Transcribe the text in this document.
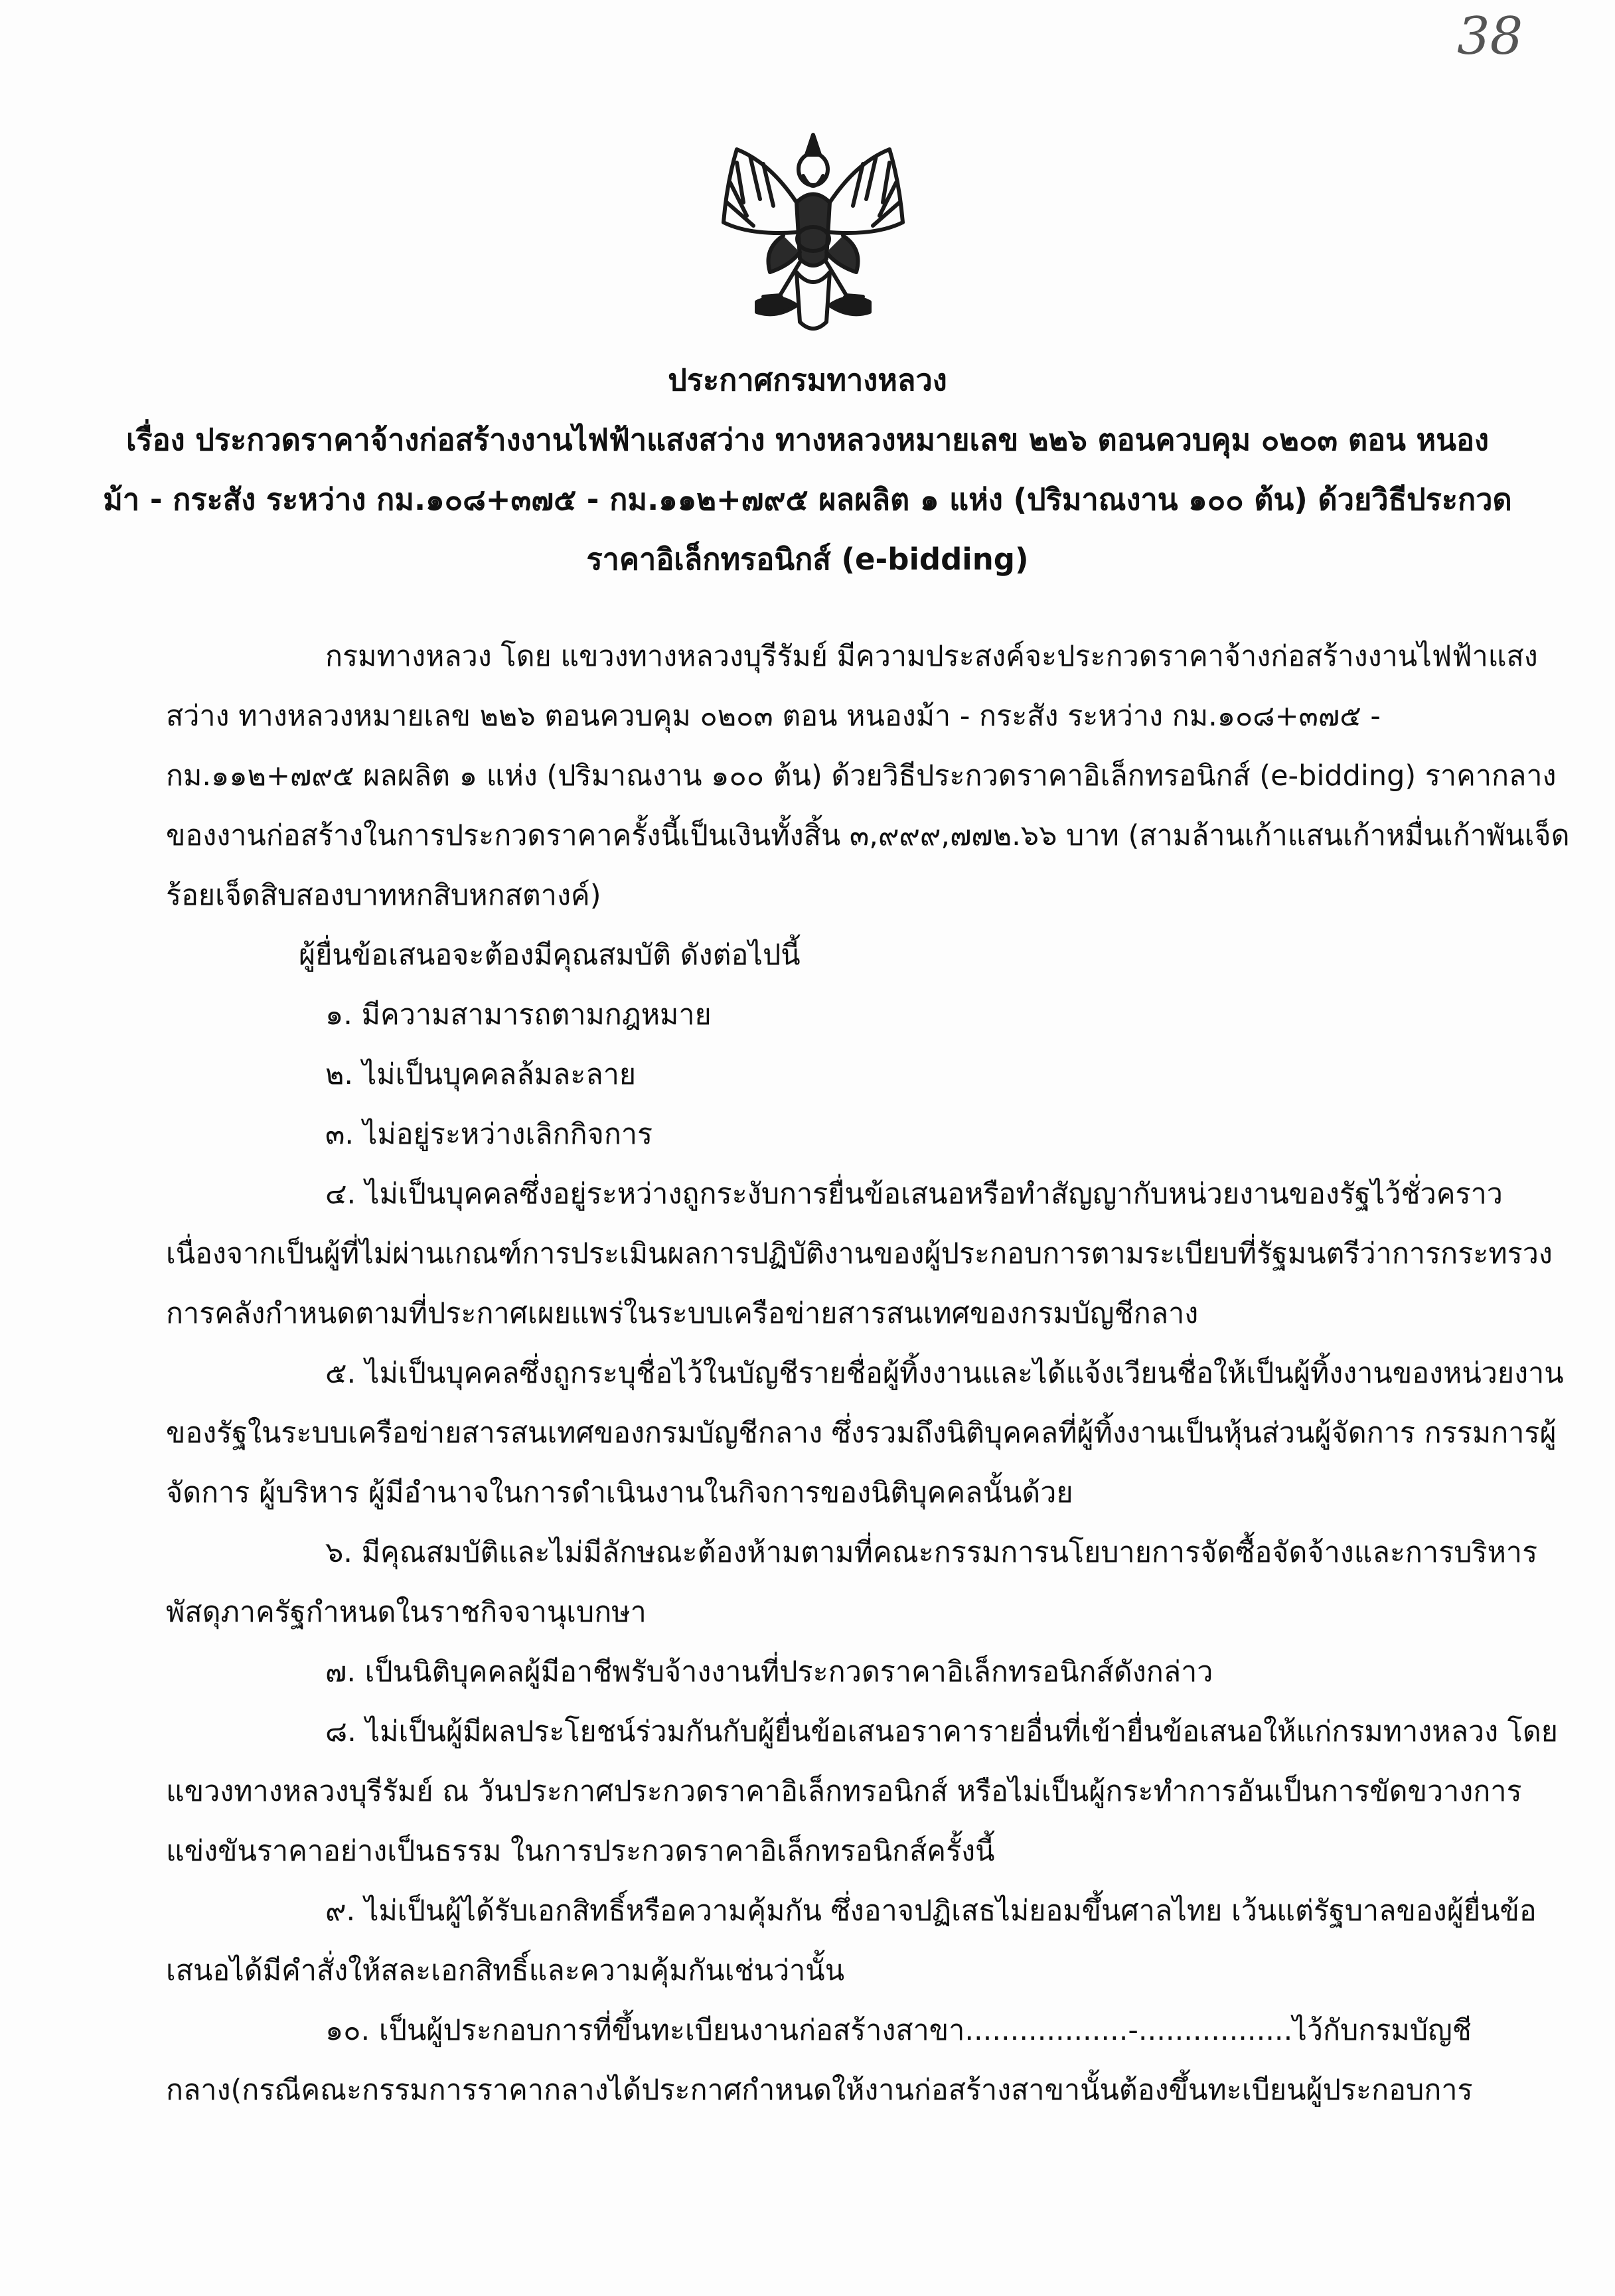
38
ประกาศกรมทางหลวง
เรื่อง ประกวดราคาจ้างก่อสร้างงานไฟฟ้าแสงสว่าง ทางหลวงหมายเลข ๒๒๖ ตอนควบคุม ๐๒๐๓ ตอน หนอง
ม้า - กระสัง ระหว่าง กม.๑๐๘+๓๗๕ - กม.๑๑๒+๗๙๕ ผลผลิต ๑ แห่ง (ปริมาณงาน ๑๐๐ ต้น) ด้วยวิธีประกวด
ราคาอิเล็กทรอนิกส์ (e-bidding)
กรมทางหลวง โดย แขวงทางหลวงบุรีรัมย์ มีความประสงค์จะประกวดราคาจ้างก่อสร้างงานไฟฟ้าแสง
สว่าง ทางหลวงหมายเลข ๒๒๖ ตอนควบคุม ๐๒๐๓ ตอน หนองม้า - กระสัง ระหว่าง กม.๑๐๘+๓๗๕ -
กม.๑๑๒+๗๙๕ ผลผลิต ๑ แห่ง (ปริมาณงาน ๑๐๐ ต้น) ด้วยวิธีประกวดราคาอิเล็กทรอนิกส์ (e-bidding) ราคากลาง
ของงานก่อสร้างในการประกวดราคาครั้งนี้เป็นเงินทั้งสิ้น ๓,๙๙๙,๗๗๒.๖๖ บาท (สามล้านเก้าแสนเก้าหมื่นเก้าพันเจ็ด
ร้อยเจ็ดสิบสองบาทหกสิบหกสตางค์)
ผู้ยื่นข้อเสนอจะต้องมีคุณสมบัติ ดังต่อไปนี้
๑. มีความสามารถตามกฎหมาย
๒. ไม่เป็นบุคคลล้มละลาย
๓. ไม่อยู่ระหว่างเลิกกิจการ
๔. ไม่เป็นบุคคลซึ่งอยู่ระหว่างถูกระงับการยื่นข้อเสนอหรือทำสัญญากับหน่วยงานของรัฐไว้ชั่วคราว
เนื่องจากเป็นผู้ที่ไม่ผ่านเกณฑ์การประเมินผลการปฏิบัติงานของผู้ประกอบการตามระเบียบที่รัฐมนตรีว่าการกระทรวง
การคลังกำหนดตามที่ประกาศเผยแพร่ในระบบเครือข่ายสารสนเทศของกรมบัญชีกลาง
๕. ไม่เป็นบุคคลซึ่งถูกระบุชื่อไว้ในบัญชีรายชื่อผู้ทิ้งงานและได้แจ้งเวียนชื่อให้เป็นผู้ทิ้งงานของหน่วยงาน
ของรัฐในระบบเครือข่ายสารสนเทศของกรมบัญชีกลาง ซึ่งรวมถึงนิติบุคคลที่ผู้ทิ้งงานเป็นหุ้นส่วนผู้จัดการ กรรมการผู้
จัดการ ผู้บริหาร ผู้มีอำนาจในการดำเนินงานในกิจการของนิติบุคคลนั้นด้วย
๖. มีคุณสมบัติและไม่มีลักษณะต้องห้ามตามที่คณะกรรมการนโยบายการจัดซื้อจัดจ้างและการบริหาร
พัสดุภาครัฐกำหนดในราชกิจจานุเบกษา
๗. เป็นนิติบุคคลผู้มีอาชีพรับจ้างงานที่ประกวดราคาอิเล็กทรอนิกส์ดังกล่าว
๘. ไม่เป็นผู้มีผลประโยชน์ร่วมกันกับผู้ยื่นข้อเสนอราคารายอื่นที่เข้ายื่นข้อเสนอให้แก่กรมทางหลวง โดย
แขวงทางหลวงบุรีรัมย์ ณ วันประกาศประกวดราคาอิเล็กทรอนิกส์ หรือไม่เป็นผู้กระทำการอันเป็นการขัดขวางการ
แข่งขันราคาอย่างเป็นธรรม ในการประกวดราคาอิเล็กทรอนิกส์ครั้งนี้
๙. ไม่เป็นผู้ได้รับเอกสิทธิ์หรือความคุ้มกัน ซึ่งอาจปฏิเสธไม่ยอมขึ้นศาลไทย เว้นแต่รัฐบาลของผู้ยื่นข้อ
เสนอได้มีคำสั่งให้สละเอกสิทธิ์และความคุ้มกันเช่นว่านั้น
๑๐. เป็นผู้ประกอบการที่ขึ้นทะเบียนงานก่อสร้างสาขา..................-.................ไว้กับกรมบัญชี
กลาง(กรณีคณะกรรมการราคากลางได้ประกาศกำหนดให้งานก่อสร้างสาขานั้นต้องขึ้นทะเบียนผู้ประกอบการ
